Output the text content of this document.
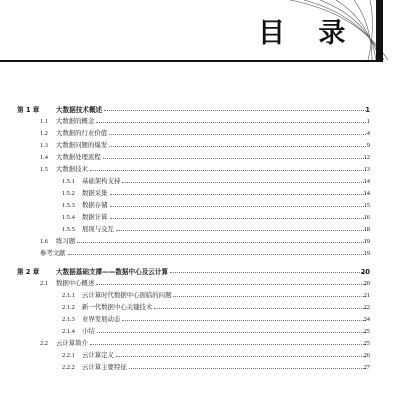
目 录
第 1 章	大数据技术概述	1
1.1 大数据的概念	1
1.2 大数据的行业价值	4
1.3 大数据问题的爆发	9
1.4 大数据处理流程	12
1.5 大数据技术	13
1.5.1 基础架构支持	14
1.5.2 数据采集	14
1.5.3 数据存储	15
1.5.4 数据计算	16
1.5.5 展现与交互	18
1.6 练习题	19
参考文献	19
第 2 章	大数据基础支撑——数据中心及云计算	20
2.1 数据中心概述	20
2.1.1 云计算时代数据中心面临的问题	21
2.1.2 新一代数据中心关键技术	22
2.1.3 业界发展动态	24
2.1.4 小结	25
2.2 云计算简介	25
2.2.1 云计算定义	26
2.2.2 云计算主要特征	27
